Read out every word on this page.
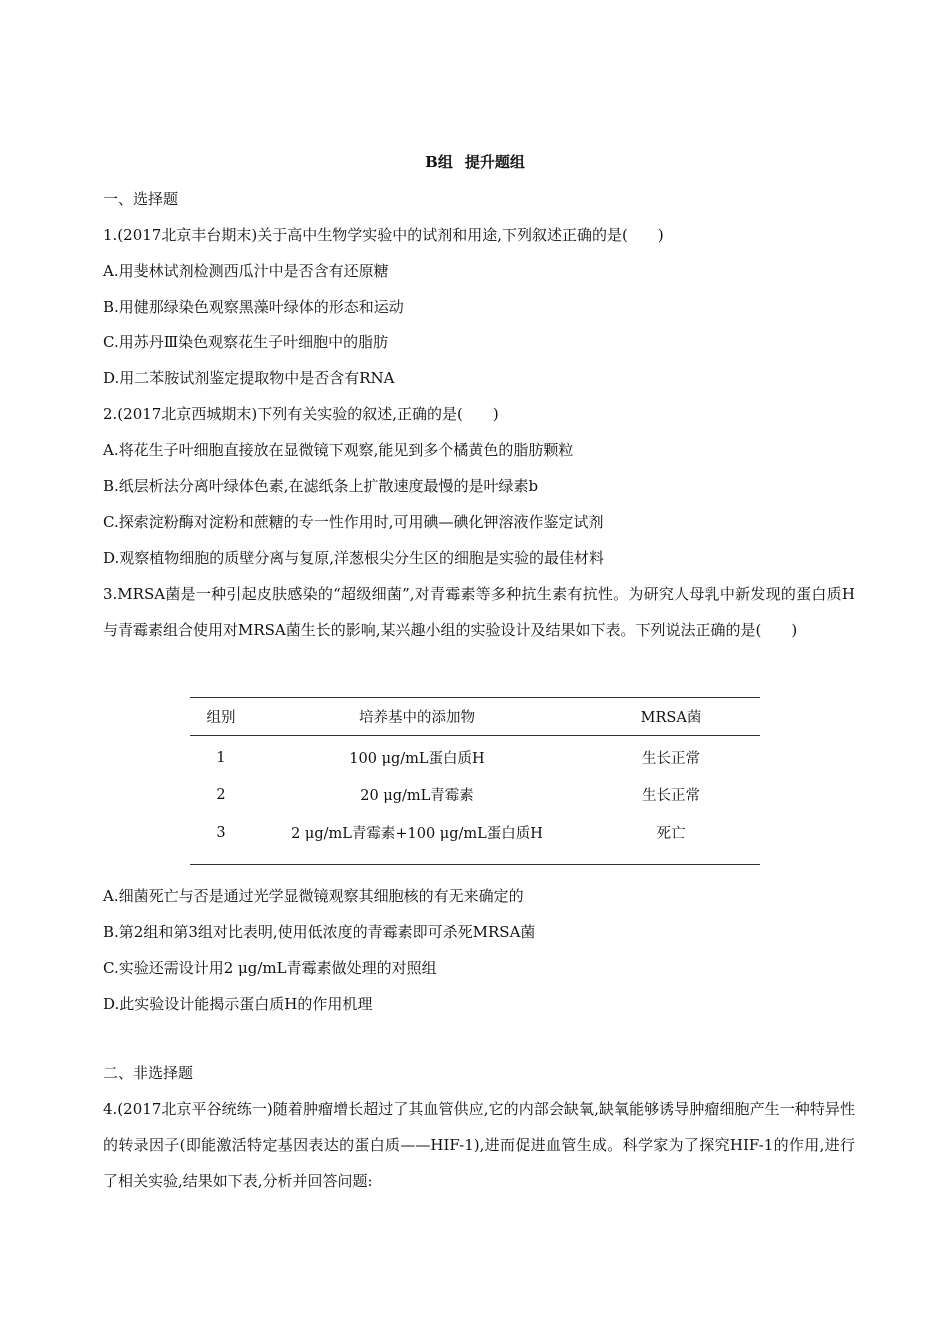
B组 提升题组
一、选择题
1.(2017北京丰台期末)关于高中生物学实验中的试剂和用途,下列叙述正确的是( )
A.用斐林试剂检测西瓜汁中是否含有还原糖
B.用健那绿染色观察黑藻叶绿体的形态和运动
C.用苏丹Ⅲ染色观察花生子叶细胞中的脂肪
D.用二苯胺试剂鉴定提取物中是否含有RNA
2.(2017北京西城期末)下列有关实验的叙述,正确的是( )
A.将花生子叶细胞直接放在显微镜下观察,能见到多个橘黄色的脂肪颗粒
B.纸层析法分离叶绿体色素,在滤纸条上扩散速度最慢的是叶绿素b
C.探索淀粉酶对淀粉和蔗糖的专一性作用时,可用碘—碘化钾溶液作鉴定试剂
D.观察植物细胞的质壁分离与复原,洋葱根尖分生区的细胞是实验的最佳材料
3.MRSA菌是一种引起皮肤感染的“超级细菌”,对青霉素等多种抗生素有抗性。为研究人母乳中新发现的蛋白质H与青霉素组合使用对MRSA菌生长的影响,某兴趣小组的实验设计及结果如下表。下列说法正确的是( )
组别	培养基中的添加物	MRSA菌
1	100 μg/mL蛋白质H	生长正常
2	20 μg/mL青霉素	生长正常
3	2 μg/mL青霉素+100 μg/mL蛋白质H	死亡
A.细菌死亡与否是通过光学显微镜观察其细胞核的有无来确定的
B.第2组和第3组对比表明,使用低浓度的青霉素即可杀死MRSA菌
C.实验还需设计用2 μg/mL青霉素做处理的对照组
D.此实验设计能揭示蛋白质H的作用机理
二、非选择题
4.(2017北京平谷统练一)随着肿瘤增长超过了其血管供应,它的内部会缺氧,缺氧能够诱导肿瘤细胞产生一种特异性的转录因子(即能激活特定基因表达的蛋白质——HIF-1),进而促进血管生成。科学家为了探究HIF-1的作用,进行了相关实验,结果如下表,分析并回答问题:
